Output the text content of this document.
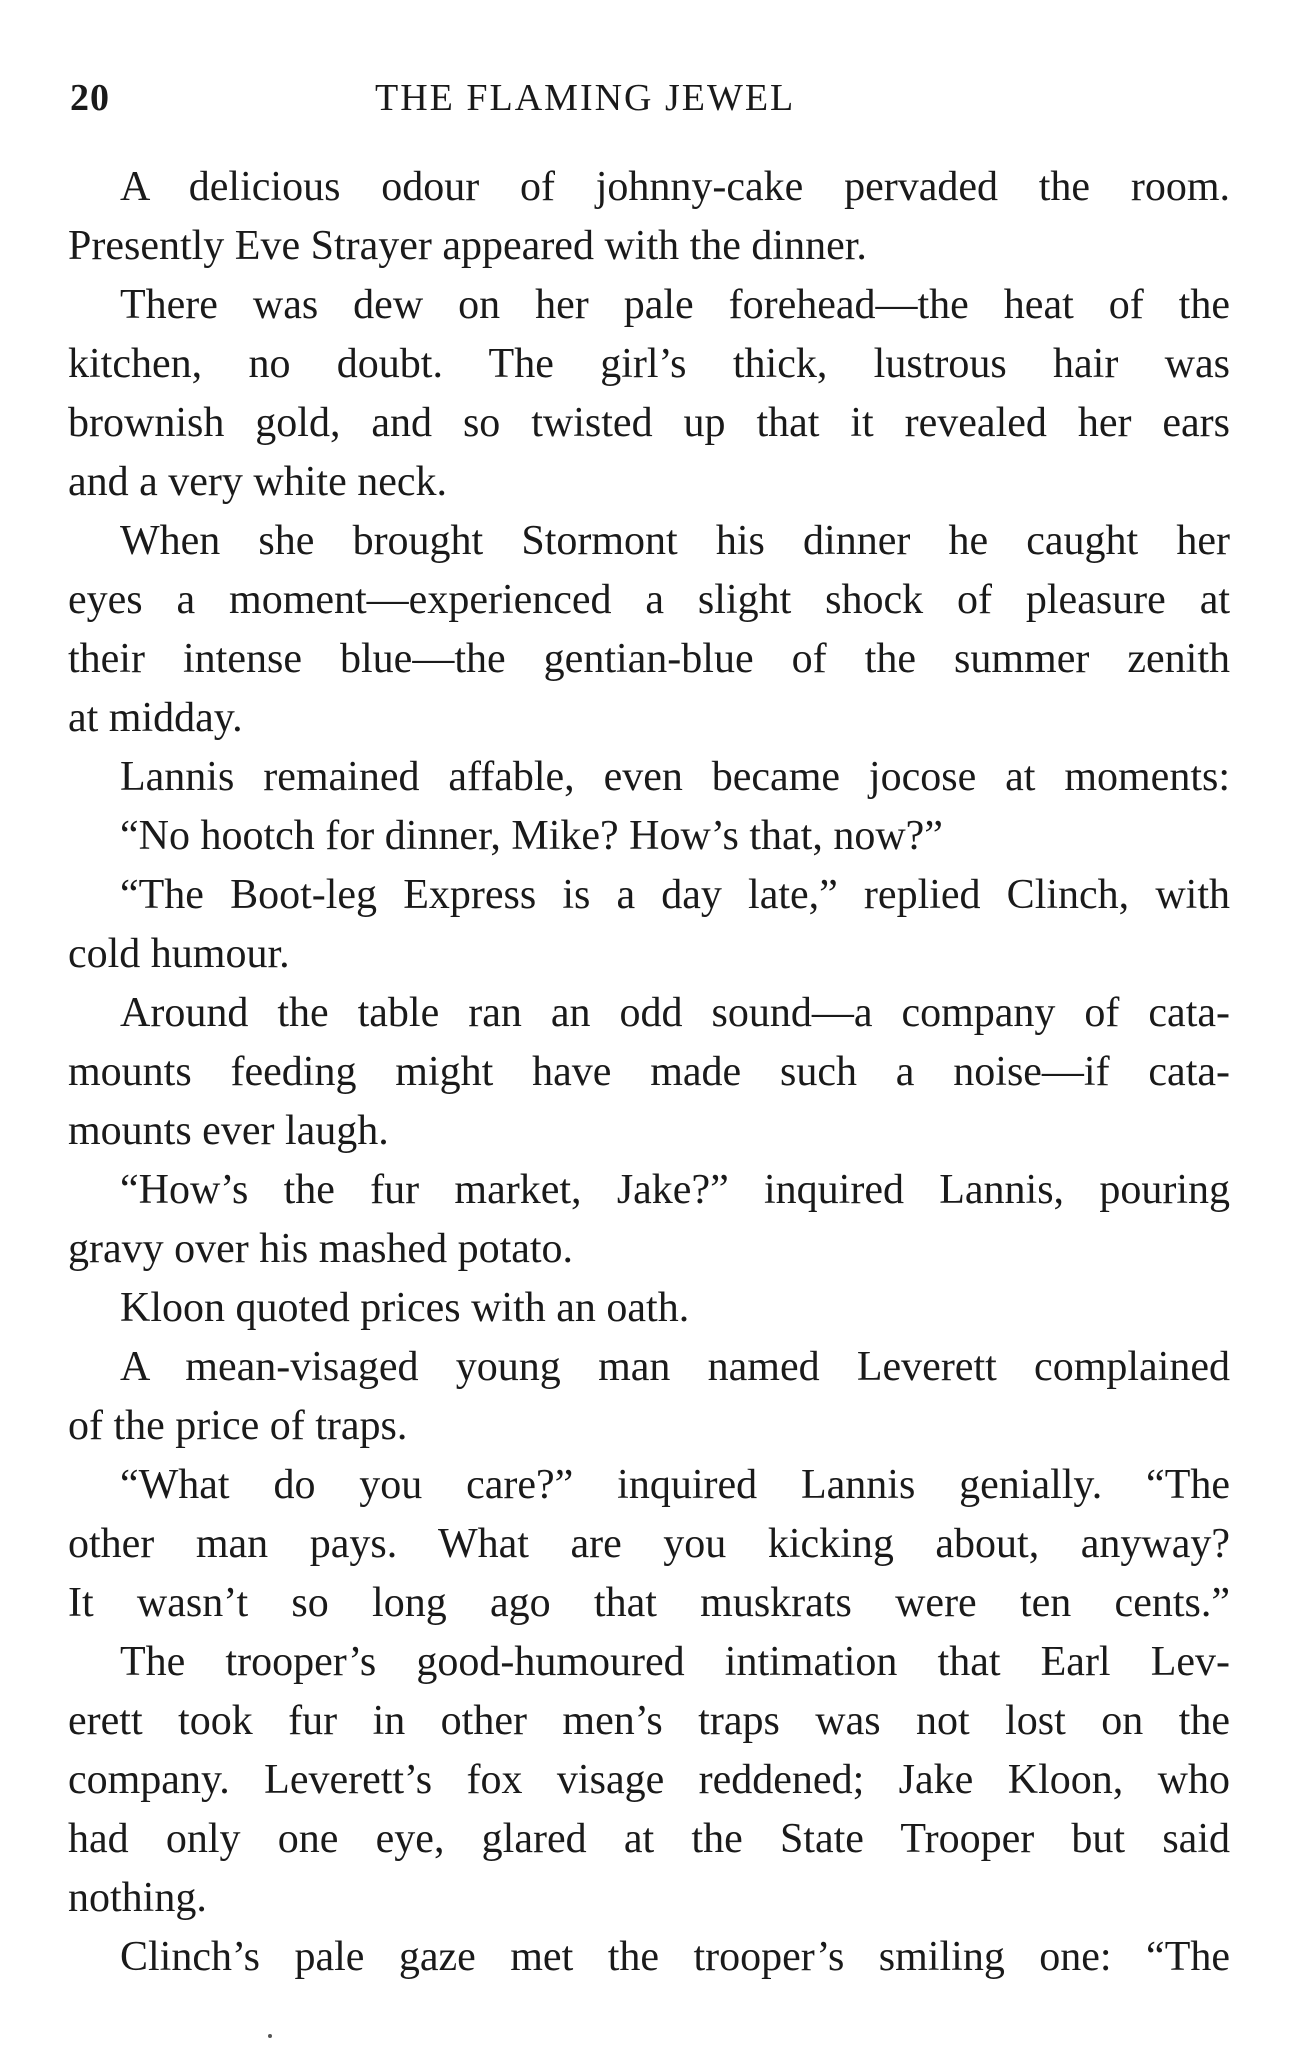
20	THE FLAMING JEWEL
A delicious odour of johnny-cake pervaded the room.
Presently Eve Strayer appeared with the dinner.
There was dew on her pale forehead—the heat of the
kitchen, no doubt. The girl’s thick, lustrous hair was
brownish gold, and so twisted up that it revealed her ears
and a very white neck.
When she brought Stormont his dinner he caught her
eyes a moment—experienced a slight shock of pleasure at
their intense blue—the gentian-blue of the summer zenith
at midday.
Lannis remained affable, even became jocose at moments:
“No hootch for dinner, Mike? How’s that, now?”
“The Boot-leg Express is a day late,” replied Clinch, with
cold humour.
Around the table ran an odd sound—a company of cata-
mounts feeding might have made such a noise—if cata-
mounts ever laugh.
“How’s the fur market, Jake?” inquired Lannis, pouring
gravy over his mashed potato.
Kloon quoted prices with an oath.
A mean-visaged young man named Leverett complained
of the price of traps.
“What do you care?” inquired Lannis genially. “The
other man pays. What are you kicking about, anyway?
It wasn’t so long ago that muskrats were ten cents.”
The trooper’s good-humoured intimation that Earl Lev-
erett took fur in other men’s traps was not lost on the
company. Leverett’s fox visage reddened; Jake Kloon, who
had only one eye, glared at the State Trooper but said
nothing.
Clinch’s pale gaze met the trooper’s smiling one: “The
